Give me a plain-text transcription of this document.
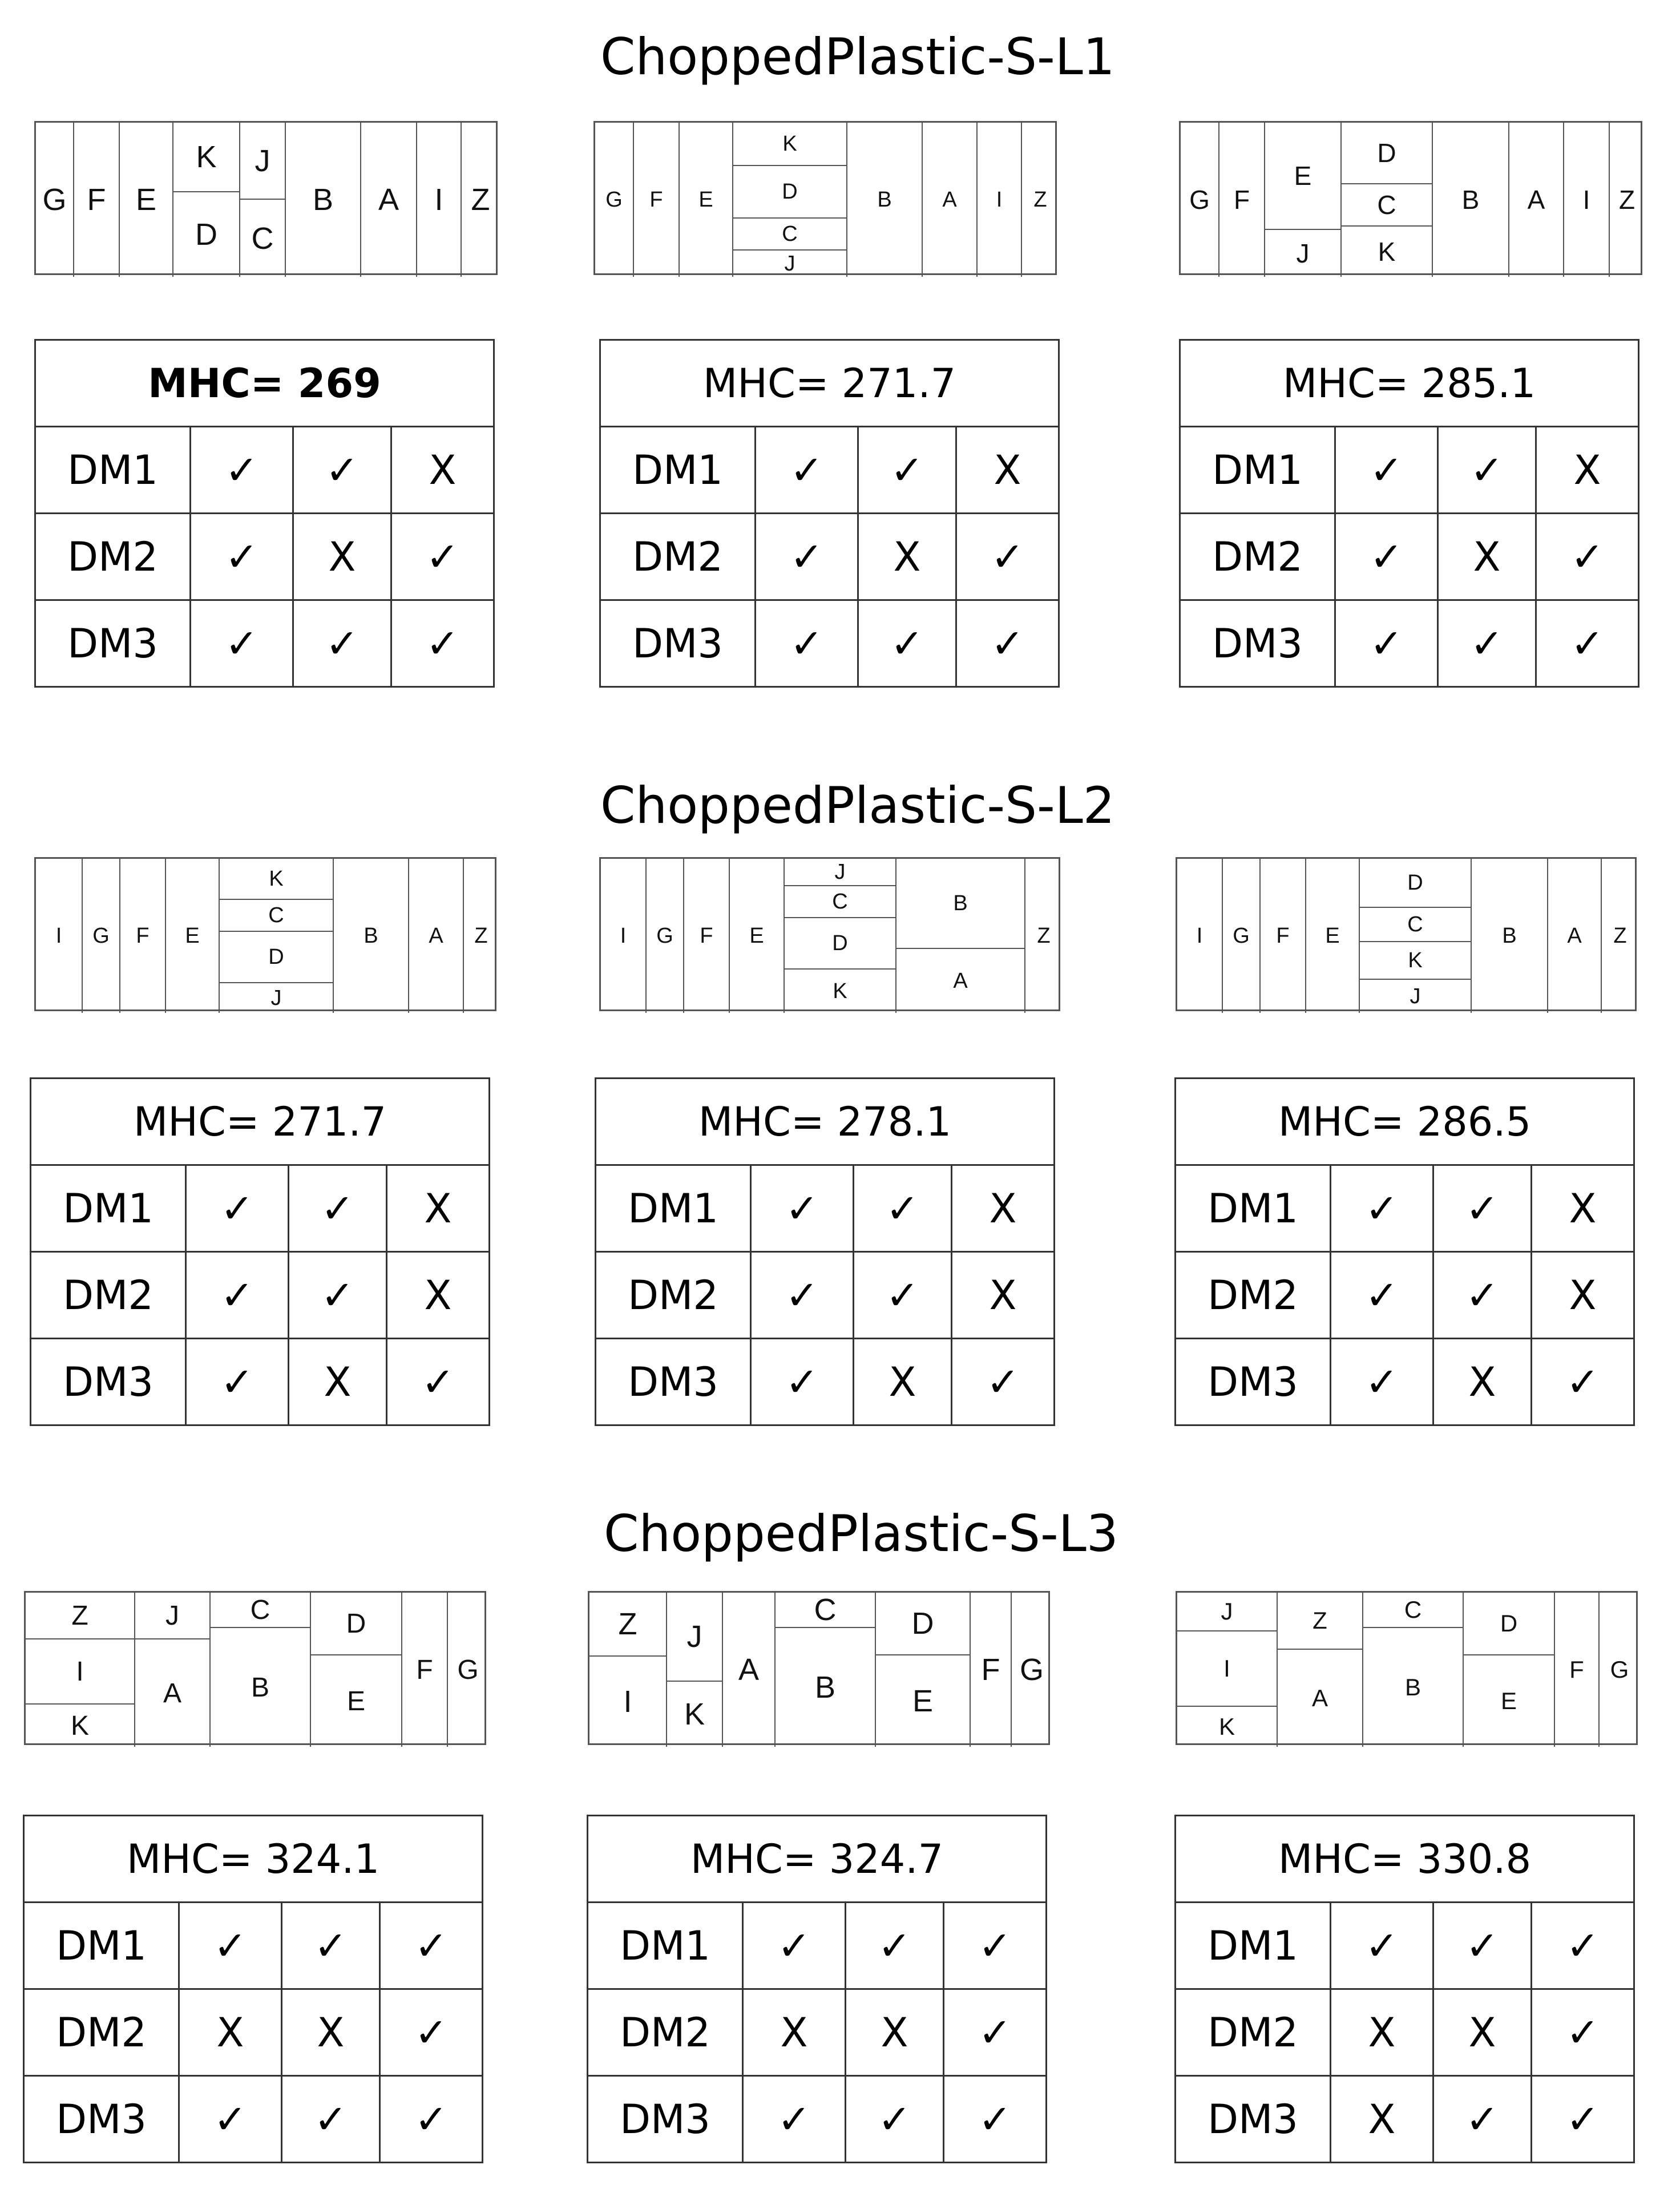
ChoppedPlastic-S-L1
ChoppedPlastic-S-L2
ChoppedPlastic-S-L3
G F E
K
D
J
C
B	A	I Z	G	F	E
K
D
C
J
B	A	I	Z	G F
E
J
D
C
K
B	A	I	Z
I	G	F	E
K
C
D
J
B	A	Z	I	G	F	E
J
C
D
K
B
A
Z	I	G	F	E
D
C
K
J
B	A	Z
Z
I
K
J
A
C
B
D
E
F G
Z
I	K
J
A
C
B
D
E
F G
J
I
K
Z
A
C
B
D
E
F	G
MHC= 269			
DM1	✓	✓	X
DM2	✓	X	✓
DM3	✓	✓	✓
MHC= 271.7			
DM1	✓	✓	X
DM2	✓	X	✓
DM3	✓	✓	✓
MHC= 285.1			
DM1	✓	✓	X
DM2	✓	X	✓
DM3	✓	✓	✓
MHC= 271.7			
DM1	✓	✓	X
DM2	✓	✓	X
DM3	✓	X	✓
MHC= 278.1			
DM1	✓	✓	X
DM2	✓	✓	X
DM3	✓	X	✓
MHC= 286.5			
DM1	✓	✓	X
DM2	✓	✓	X
DM3	✓	X	✓
MHC= 324.1			
DM1	✓	✓	✓
DM2	X	X	✓
DM3	✓	✓	✓
MHC= 324.7			
DM1	✓	✓	✓
DM2	X	X	✓
DM3	✓	✓	✓
MHC= 330.8			
DM1	✓	✓	✓
DM2	X	X	✓
DM3	X	✓	✓
